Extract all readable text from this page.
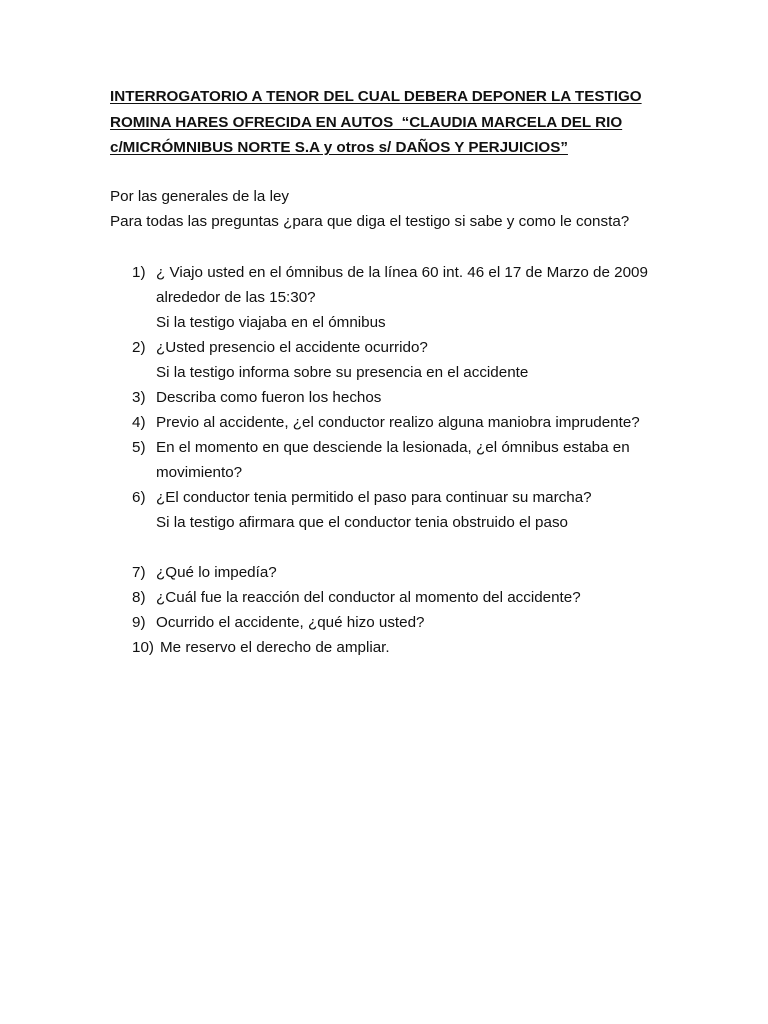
INTERROGATORIO A TENOR DEL CUAL DEBERA DEPONER LA TESTIGO
ROMINA HARES OFRECIDA EN AUTOS  “CLAUDIA MARCELA DEL RIO
c/MICRÓMNIBUS NORTE S.A y otros s/ DAÑOS Y PERJUICIOS”
Por las generales de la ley
Para todas las preguntas ¿para que diga el testigo si sabe y como le consta?
1) ¿ Viajo usted en el ómnibus de la línea 60 int. 46 el 17 de Marzo de 2009
alrededor de las 15:30?
Si la testigo viajaba en el ómnibus
2) ¿Usted presencio el accidente ocurrido?
Si la testigo informa sobre su presencia en el accidente
3) Describa como fueron los hechos
4) Previo al accidente, ¿el conductor realizo alguna maniobra imprudente?
5) En el momento en que desciende la lesionada, ¿el ómnibus estaba en
movimiento?
6) ¿El conductor tenia permitido el paso para continuar su marcha?
Si la testigo afirmara que el conductor tenia obstruido el paso
7) ¿Qué lo impedía?
8) ¿Cuál fue la reacción del conductor al momento del accidente?
9) Ocurrido el accidente, ¿qué hizo usted?
10) Me reservo el derecho de ampliar.
